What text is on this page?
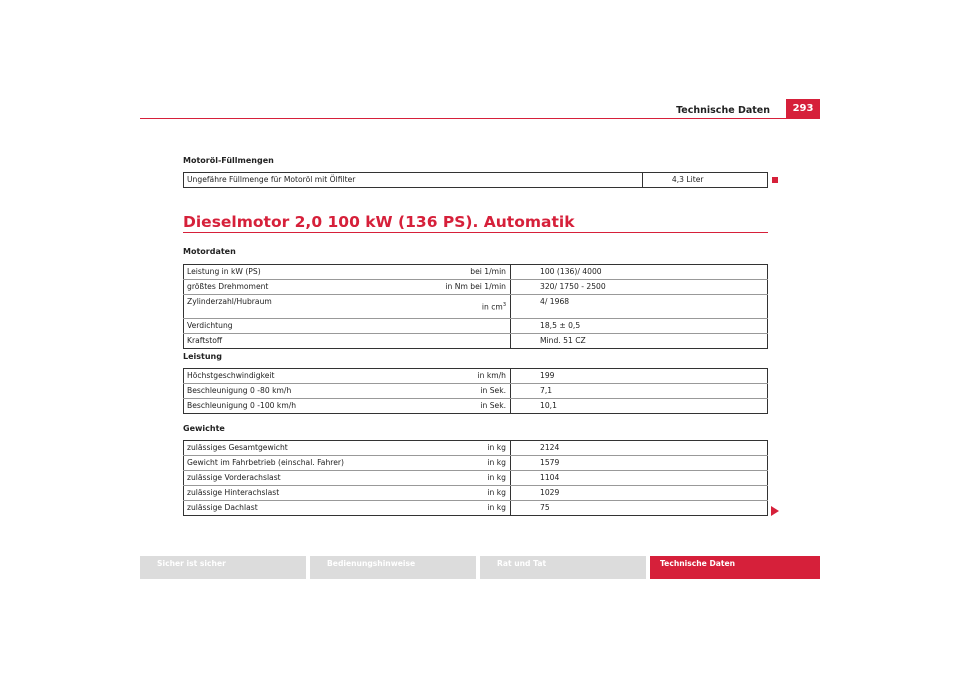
Technische Daten	293
Motoröl-Füllmengen
Ungefähre Füllmenge für Motoröl mit Ölfilter	4,3 Liter
Dieselmotor 2,0 100 kW (136 PS). Automatik
Motordaten
Leistung in kW (PS)	bei 1/min	100 (136)/ 4000
größtes Drehmoment	in Nm bei 1/min	320/ 1750 - 2500
Zylinderzahl/Hubraum	in $cm^3$	4/ 1968
Verdichtung		18,5 ± 0,5
Kraftstoff		Mind. 51 CZ
Leistung
Höchstgeschwindigkeit	in km/h	199
Beschleunigung 0 -80 km/h	in Sek.	7,1
Beschleunigung 0 -100 km/h	in Sek.	10,1
Gewichte
zulässiges Gesamtgewicht	in kg	2124
Gewicht im Fahrbetrieb (einschal. Fahrer)	in kg	1579
zulässige Vorderachslast	in kg	1104
zulässige Hinterachslast	in kg	1029
zulässige Dachlast	in kg	75
Sicher ist sicher	Bedienungshinweise	Rat und Tat	Technische Daten
